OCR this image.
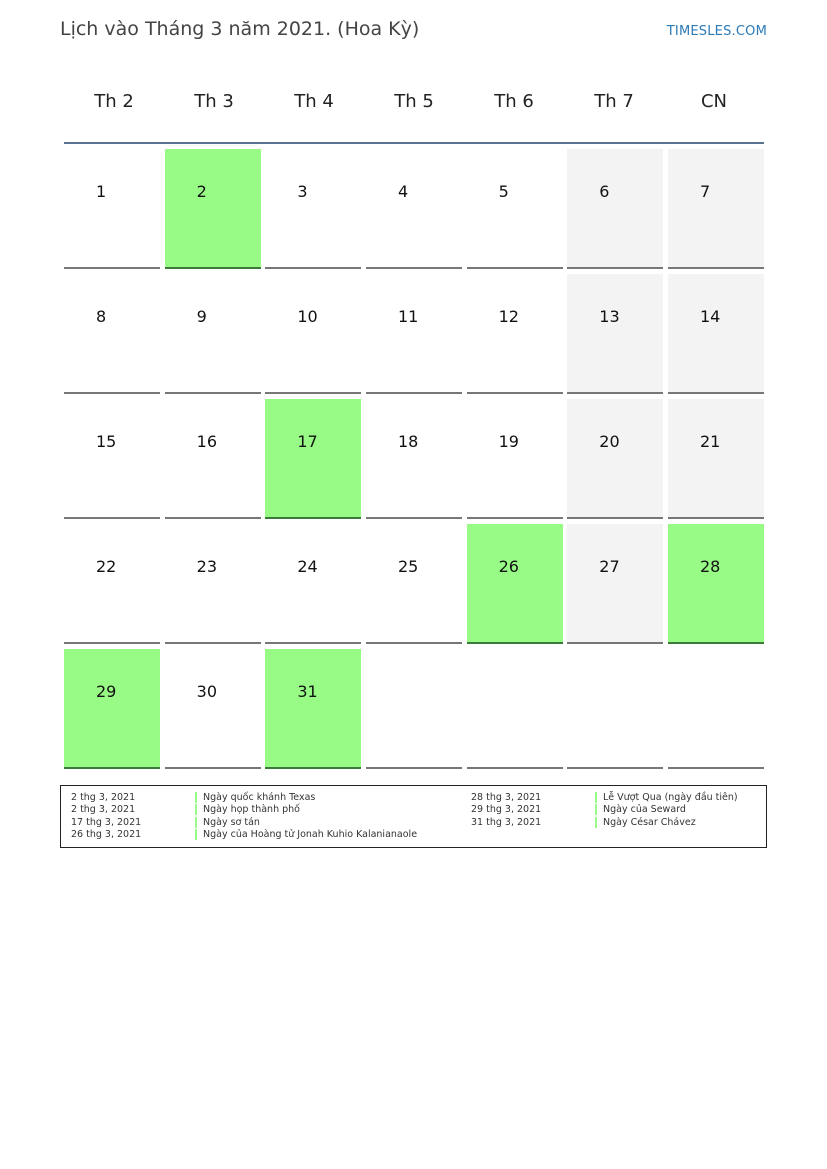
Lịch vào Tháng 3 năm 2021. (Hoa Kỳ)	TIMESLES.COM
Th 2	Th 3	Th 4	Th 5	Th 6	Th 7	CN
1	2	3	4	5	6	7
8	9	10	11	12	13	14
15	16	17	18	19	20	21
22	23	24	25	26	27	28
29	30	31
2 thg 3, 2021	Ngày quốc khánh Texas
2 thg 3, 2021	Ngày họp thành phố
17 thg 3, 2021	Ngày sơ tán
26 thg 3, 2021	Ngày của Hoàng tử Jonah Kuhio Kalanianaole
28 thg 3, 2021	Lễ Vượt Qua (ngày đầu tiên)
29 thg 3, 2021	Ngày của Seward
31 thg 3, 2021	Ngày César Chávez
